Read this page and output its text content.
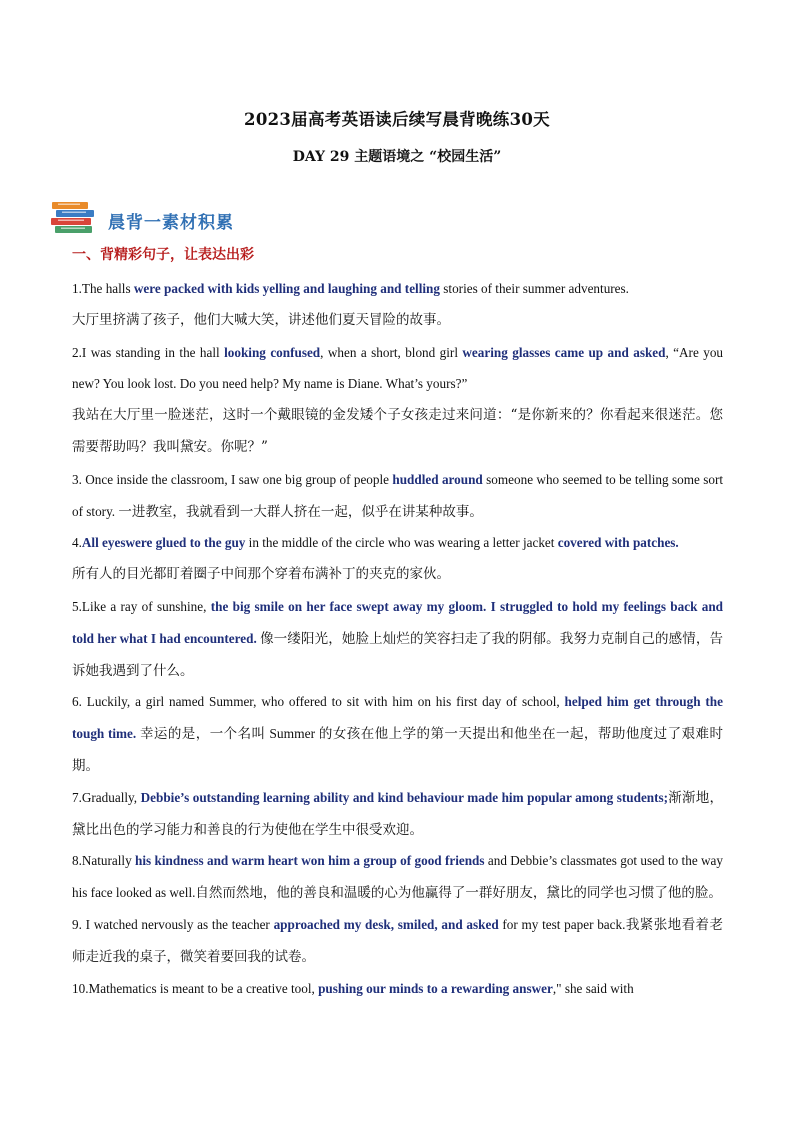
2023届高考英语读后续写晨背晚练30天
DAY 29 主题语境之 “校园生活”
晨背一素材积累
一、背精彩句子，让表达出彩

1.The halls were packed with kids yelling and laughing and telling stories of their summer adventures.

大厅里挤满了孩子，他们大喊大笑，讲述他们夏天冒险的故事。

2.I was standing in the hall looking confused, when a short, blond girl wearing glasses came up and asked, “Are you new? You look lost. Do you need help? My name is Diane. What’s yours?”

我站在大厅里一脸迷茫，这时一个戴眼镜的金发矮个子女孩走过来问道：“是你新来的？你看起来很迷茫。您需要帮助吗？我叫黛安。你呢？”

3. Once inside the classroom, I saw one big group of people huddled around someone who seemed to be telling some sort of story. 一进教室，我就看到一大群人挤在一起，似乎在讲某种故事。

4.All eyeswere glued to the guy in the middle of the circle who was wearing a letter jacket covered with patches.

所有人的目光都盯着圈子中间那个穿着布满补丁的夹克的家伙。

5.Like a ray of sunshine, the big smile on her face swept away my gloom. I struggled to hold my feelings back and told her what I had encountered. 像一缕阳光，她脸上灿烂的笑容扫走了我的阴郁。我努力克制自己的感情，告诉她我遇到了什么。

6. Luckily, a girl named Summer, who offered to sit with him on his first day of school, helped him get through the tough time. 幸运的是，一个名叫 Summer 的女孩在他上学的第一天提出和他坐在一起，帮助他度过了艰难时期。

7.Gradually, Debbie’s outstanding learning ability and kind behaviour made him popular among students;渐渐地，黛比出色的学习能力和善良的行为使他在学生中很受欢迎。

8.Naturally his kindness and warm heart won him a group of good friends and Debbie’s classmates got used to the way his face looked as well.自然而然地，他的善良和温暖的心为他赢得了一群好朋友，黛比的同学也习惯了他的脸。

9. I watched nervously as the teacher approached my desk, smiled, and asked for my test paper back.我紧张地看着老师走近我的桌子，微笑着要回我的试卷。

10.Mathematics is meant to be a creative tool, pushing our minds to a rewarding answer," she said with
